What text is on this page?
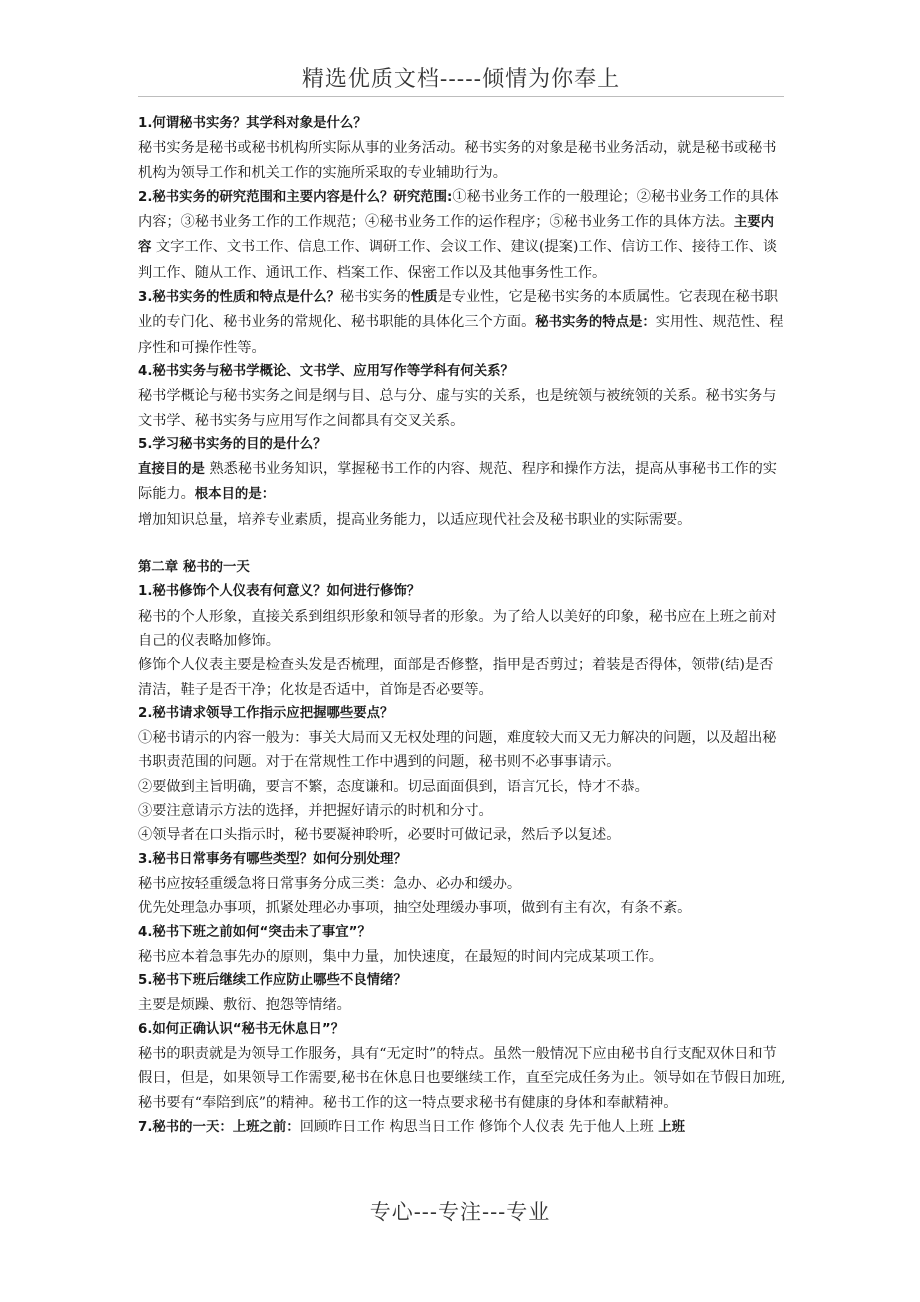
精选优质文档-----倾情为你奉上

1.何谓秘书实务？其学科对象是什么？

秘书实务是秘书或秘书机构所实际从事的业务活动。秘书实务的对象是秘书业务活动，就是秘书或秘书机构为领导工作和机关工作的实施所采取的专业辅助行为。

2.秘书实务的研究范围和主要内容是什么？研究范围:①秘书业务工作的一般理论；②秘书业务工作的具体内容；③秘书业务工作的工作规范；④秘书业务工作的运作程序；⑤秘书业务工作的具体方法。主要内容 文字工作、文书工作、信息工作、调研工作、会议工作、建议(提案)工作、信访工作、接待工作、谈判工作、随从工作、通讯工作、档案工作、保密工作以及其他事务性工作。

3.秘书实务的性质和特点是什么？秘书实务的性质是专业性，它是秘书实务的本质属性。它表现在秘书职业的专门化、秘书业务的常规化、秘书职能的具体化三个方面。秘书实务的特点是：实用性、规范性、程序性和可操作性等。

4.秘书实务与秘书学概论、文书学、应用写作等学科有何关系？

秘书学概论与秘书实务之间是纲与目、总与分、虚与实的关系，也是统领与被统领的关系。秘书实务与文书学、秘书实务与应用写作之间都具有交叉关系。

5.学习秘书实务的目的是什么？

直接目的是 熟悉秘书业务知识，掌握秘书工作的内容、规范、程序和操作方法，提高从事秘书工作的实际能力。根本目的是：

增加知识总量，培养专业素质，提高业务能力，以适应现代社会及秘书职业的实际需要。

第二章 秘书的一天

1.秘书修饰个人仪表有何意义？如何进行修饰？

秘书的个人形象，直接关系到组织形象和领导者的形象。为了给人以美好的印象，秘书应在上班之前对自己的仪表略加修饰。

修饰个人仪表主要是检查头发是否梳理，面部是否修整，指甲是否剪过；着装是否得体，领带(结)是否清洁，鞋子是否干净；化妆是否适中，首饰是否必要等。

2.秘书请求领导工作指示应把握哪些要点？

①秘书请示的内容一般为：事关大局而又无权处理的问题，难度较大而又无力解决的问题，以及超出秘书职责范围的问题。对于在常规性工作中遇到的问题，秘书则不必事事请示。

②要做到主旨明确，要言不繁，态度谦和。切忌面面俱到，语言冗长，恃才不恭。

③要注意请示方法的选择，并把握好请示的时机和分寸。

④领导者在口头指示时，秘书要凝神聆听，必要时可做记录，然后予以复述。

3.秘书日常事务有哪些类型？如何分别处理？

秘书应按轻重缓急将日常事务分成三类：急办、必办和缓办。

优先处理急办事项，抓紧处理必办事项，抽空处理缓办事项，做到有主有次，有条不紊。

4.秘书下班之前如何“突击未了事宜”？

秘书应本着急事先办的原则，集中力量，加快速度，在最短的时间内完成某项工作。

5.秘书下班后继续工作应防止哪些不良情绪？

主要是烦躁、敷衍、抱怨等情绪。

6.如何正确认识“秘书无休息日”？

秘书的职责就是为领导工作服务，具有“无定时”的特点。虽然一般情况下应由秘书自行支配双休日和节假日，但是，如果领导工作需要,秘书在休息日也要继续工作，直至完成任务为止。领导如在节假日加班,秘书要有“奉陪到底”的精神。秘书工作的这一特点要求秘书有健康的身体和奉献精神。

7.秘书的一天：上班之前：回顾昨日工作 构思当日工作 修饰个人仪表 先于他人上班 上班

专心---专注---专业
